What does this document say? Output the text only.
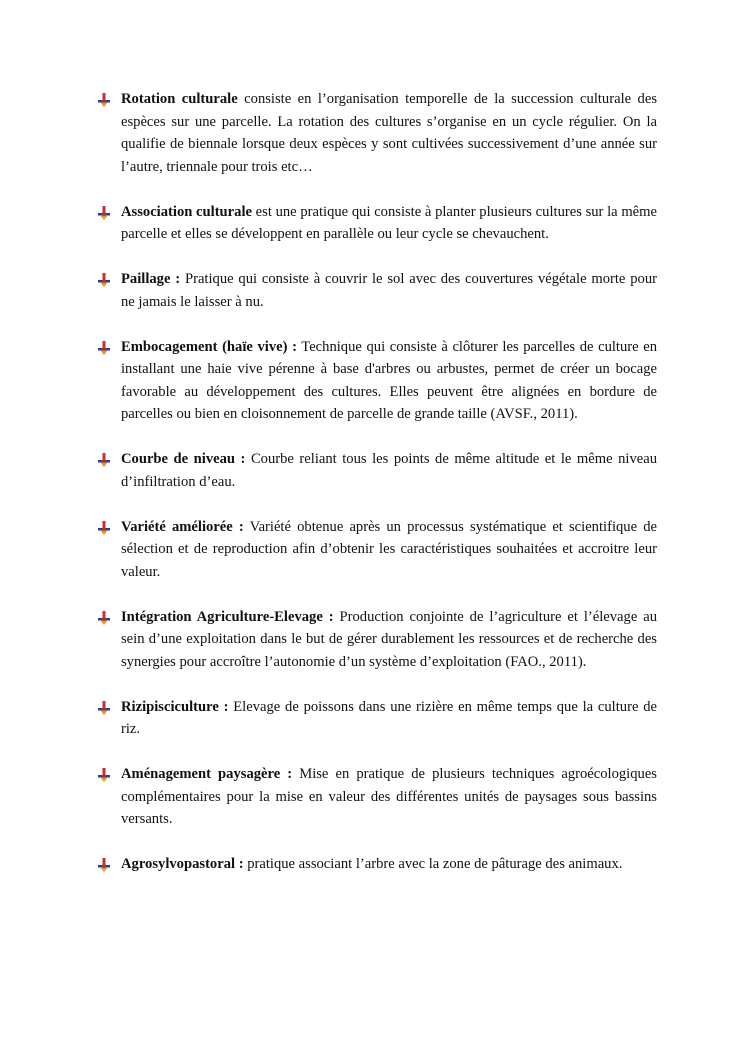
Rotation culturale consiste en l’organisation temporelle de la succession culturale des espèces sur une parcelle. La rotation des cultures s’organise en un cycle régulier. On la qualifie de biennale lorsque deux espèces y sont cultivées successivement d’une année sur l’autre, triennale pour trois etc…

Association culturale est une pratique qui consiste à planter plusieurs cultures sur la même parcelle et elles se développent en parallèle ou leur cycle se chevauchent.

Paillage : Pratique qui consiste à couvrir le sol avec des couvertures végétale morte pour ne jamais le laisser à nu.

Embocagement (haïe vive) : Technique qui consiste à clôturer les parcelles de culture en installant une haie vive pérenne à base d'arbres ou arbustes, permet de créer un bocage favorable au développement des cultures. Elles peuvent être alignées en bordure de parcelles ou bien en cloisonnement de parcelle de grande taille (AVSF., 2011).

Courbe de niveau : Courbe reliant tous les points de même altitude et le même niveau d’infiltration d’eau.

Variété améliorée : Variété obtenue après un processus systématique et scientifique de sélection et de reproduction afin d’obtenir les caractéristiques souhaitées et accroitre leur valeur.

Intégration Agriculture-Elevage : Production conjointe de l’agriculture et l’élevage au sein d’une exploitation dans le but de gérer durablement les ressources et de recherche des synergies pour accroître l’autonomie d’un système d’exploitation (FAO., 2011).

Rizipisciculture : Elevage de poissons dans une rizière en même temps que la culture de riz.

Aménagement paysagère : Mise en pratique de plusieurs techniques agroécologiques complémentaires pour la mise en valeur des différentes unités de paysages sous bassins versants.

Agrosylvopastoral : pratique associant l’arbre avec la zone de pâturage des animaux.
